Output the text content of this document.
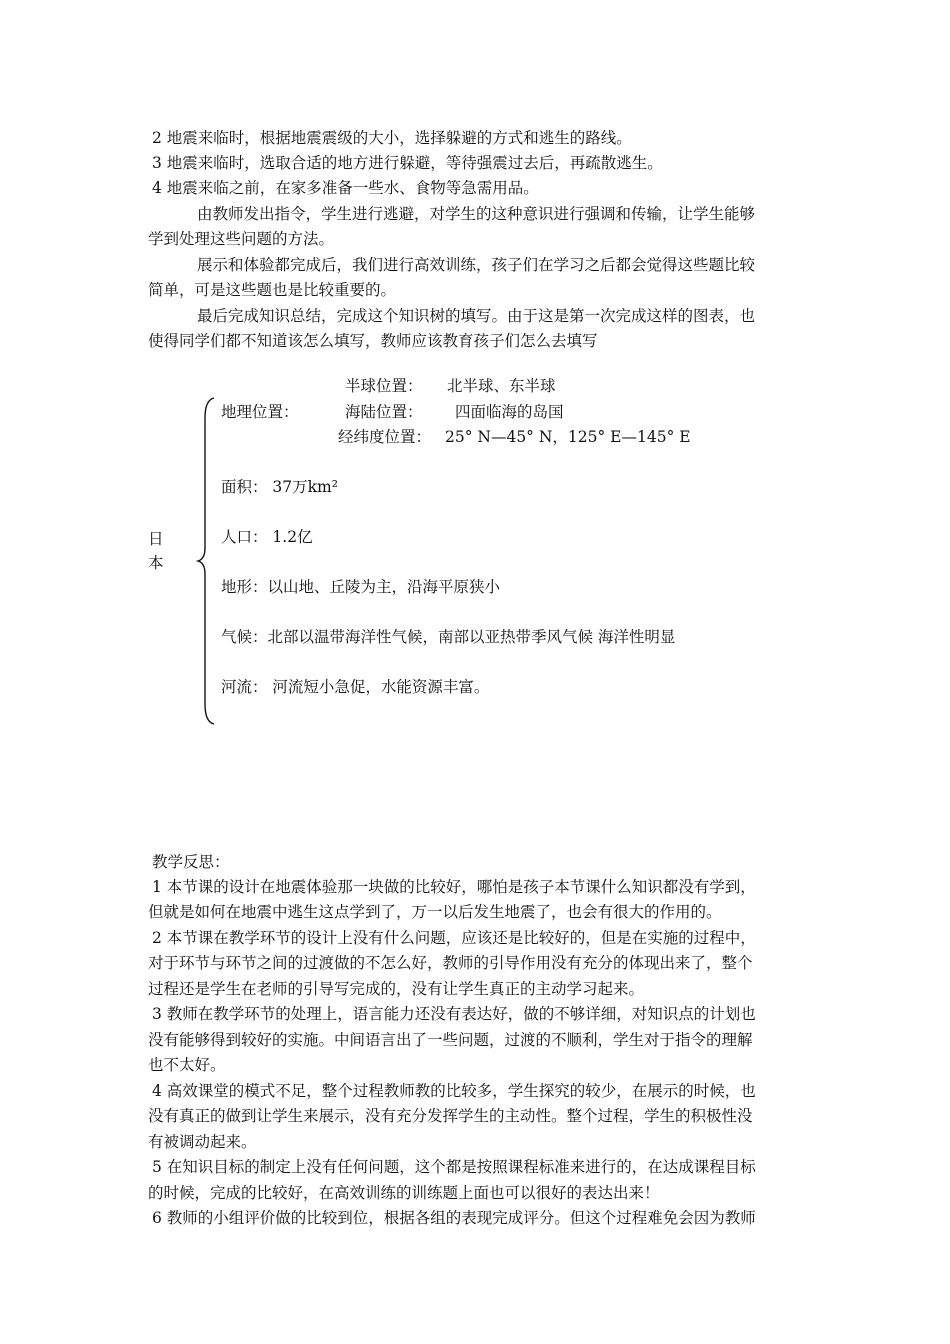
2 地震来临时，根据地震震级的大小，选择躲避的方式和逃生的路线。
3 地震来临时，选取合适的地方进行躲避，等待强震过去后，再疏散逃生。
4 地震来临之前，在家多准备一些水、食物等急需用品。
由教师发出指令，学生进行逃避，对学生的这种意识进行强调和传输，让学生能够
学到处理这些问题的方法。
展示和体验都完成后，我们进行高效训练，孩子们在学习之后都会觉得这些题比较
简单，可是这些题也是比较重要的。
最后完成知识总结，完成这个知识树的填写。由于这是第一次完成这样的图表，也
使得同学们都不知道该怎么填写，教师应该教育孩子们怎么去填写
日
本
半球位置： 北半球、东半球
地理位置：	海陆位置： 四面临海的岛国
经纬度位置： 25° N—45° N，125° E—145° E
面积： 37万km²
人口： 1.2亿
地形：以山地、丘陵为主，沿海平原狭小
气候：北部以温带海洋性气候，南部以亚热带季风气候 海洋性明显
河流： 河流短小急促，水能资源丰富。
教学反思：
1 本节课的设计在地震体验那一块做的比较好，哪怕是孩子本节课什么知识都没有学到，
但就是如何在地震中逃生这点学到了，万一以后发生地震了，也会有很大的作用的。
2 本节课在教学环节的设计上没有什么问题，应该还是比较好的，但是在实施的过程中，
对于环节与环节之间的过渡做的不怎么好，教师的引导作用没有充分的体现出来了，整个
过程还是学生在老师的引导写完成的，没有让学生真正的主动学习起来。
3 教师在教学环节的处理上，语言能力还没有表达好，做的不够详细，对知识点的计划也
没有能够得到较好的实施。中间语言出了一些问题，过渡的不顺利，学生对于指令的理解
也不太好。
4 高效课堂的模式不足，整个过程教师教的比较多，学生探究的较少，在展示的时候，也
没有真正的做到让学生来展示，没有充分发挥学生的主动性。整个过程，学生的积极性没
有被调动起来。
5 在知识目标的制定上没有任何问题，这个都是按照课程标准来进行的，在达成课程目标
的时候，完成的比较好，在高效训练的训练题上面也可以很好的表达出来！
6 教师的小组评价做的比较到位，根据各组的表现完成评分。但这个过程难免会因为教师
